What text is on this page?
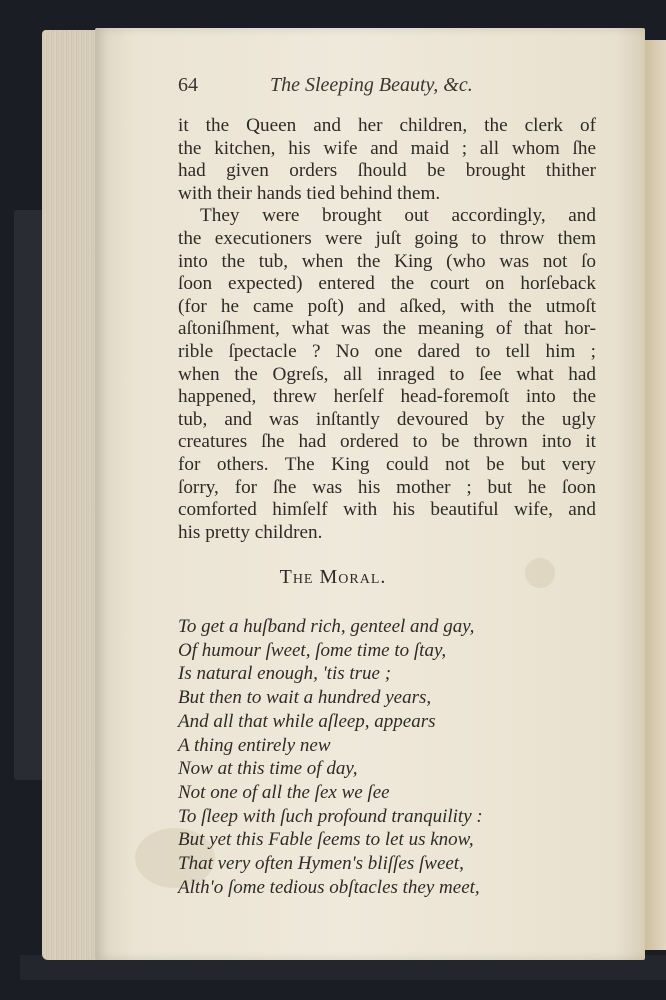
64	The Sleeping Beauty, &c.
it the Queen and her children, the clerk of
the kitchen, his wife and maid ; all whom ſhe
had given orders ſhould be brought thither
with their hands tied behind them.
They were brought out accordingly, and
the executioners were juſt going to throw them
into the tub, when the King (who was not ſo
ſoon expected) entered the court on horſeback
(for he came poſt) and aſked, with the utmoſt
aſtoniſhment, what was the meaning of that hor-
rible ſpectacle ? No one dared to tell him ;
when the Ogreſs, all inraged to ſee what had
happened, threw herſelf head-foremoſt into the
tub, and was inſtantly devoured by the ugly
creatures ſhe had ordered to be thrown into it
for others. The King could not be but very
ſorry, for ſhe was his mother ; but he ſoon
comforted himſelf with his beautiful wife, and
his pretty children.
The Moral.
To get a huſband rich, genteel and gay,
Of humour ſweet, ſome time to ſtay,
Is natural enough, 'tis true ;
But then to wait a hundred years,
And all that while aſleep, appears
A thing entirely new
Now at this time of day,
Not one of all the ſex we ſee
To ſleep with ſuch profound tranquility :
But yet this Fable ſeems to let us know,
That very often Hymen's bliſſes ſweet,
Alth'o ſome tedious obſtacles they meet,
